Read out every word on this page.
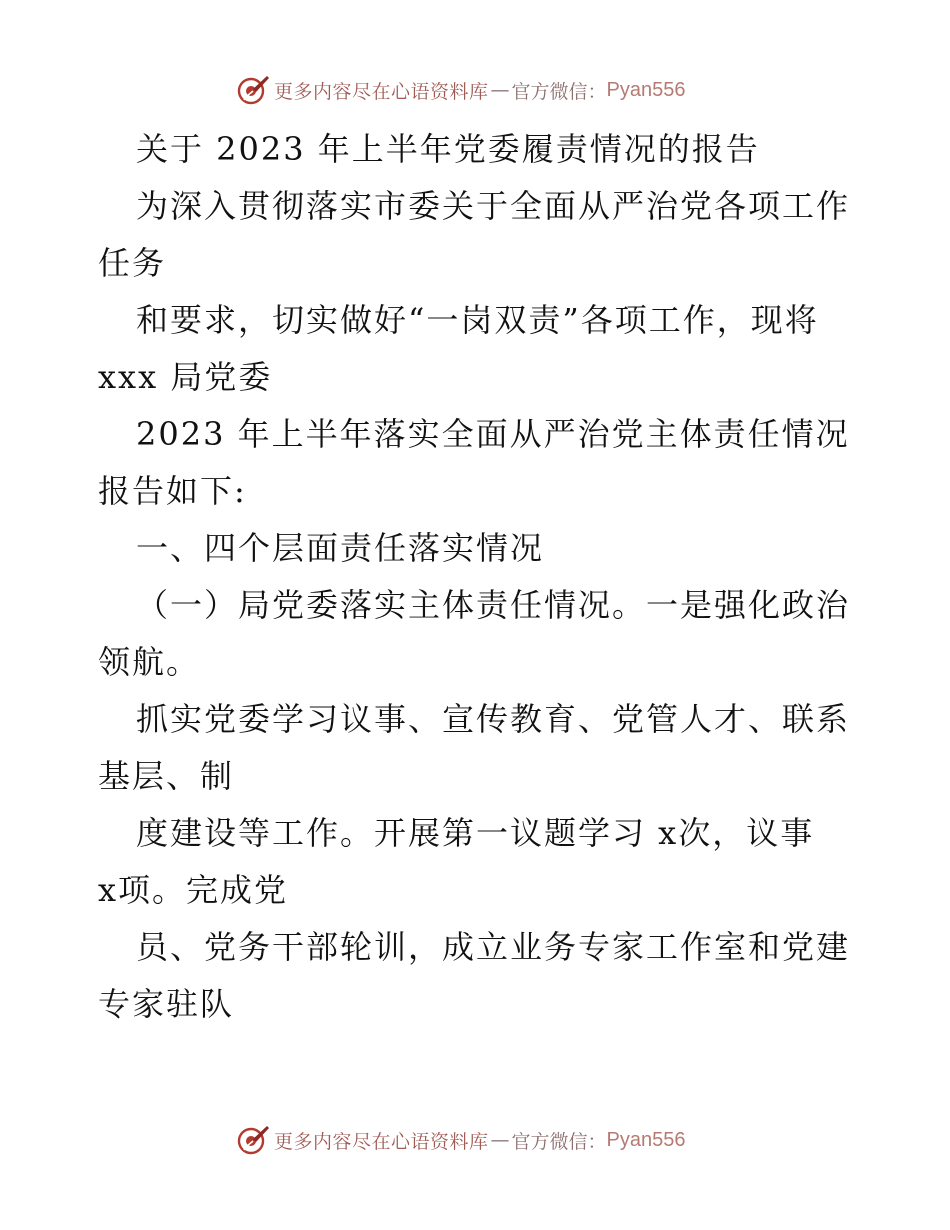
更多内容尽在心语资料库 — 官方微信： Pyan556

关于 2023 年上半年党委履责情况的报告

为深入贯彻落实市委关于全面从严治党各项工作
任务

和要求，切实做好“一岗双责”各项工作，现将
xxx 局党委

2023 年上半年落实全面从严治党主体责任情况
报告如下:

一、四个层面责任落实情况

（一）局党委落实主体责任情况。一是强化政治
领航。

抓实党委学习议事、宣传教育、党管人才、联系
基层、制

度建设等工作。开展第一议题学习 x次，议事
x项。完成党

员、党务干部轮训，成立业务专家工作室和党建
专家驻队

更多内容尽在心语资料库 — 官方微信： Pyan556
